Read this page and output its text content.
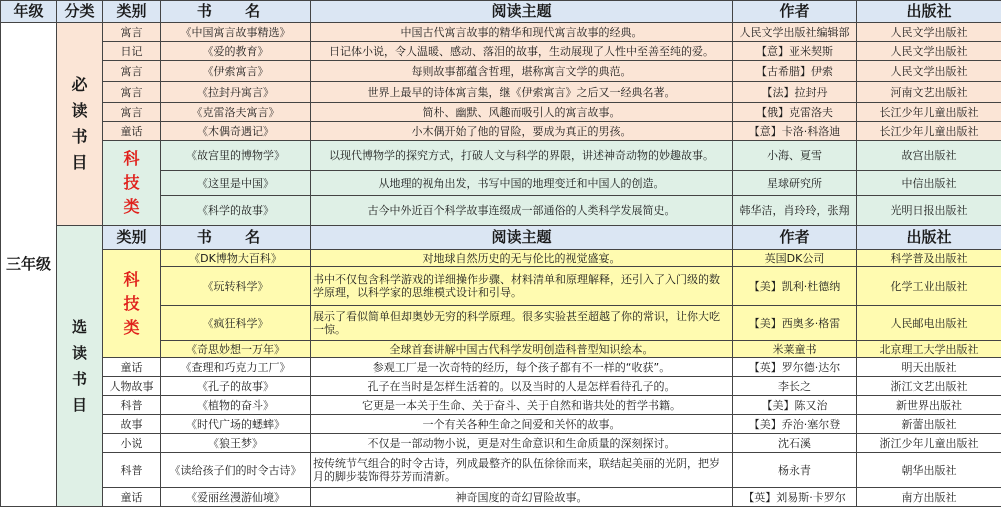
年级	分类	类别	书 名	阅读主题	作者	出版社
三年级	必读书目	寓言	《中国寓言故事精选》	中国古代寓言故事的精华和现代寓言故事的经典。	人民文学出版社编辑部	人民文学出版社
		日记	《爱的教育》	日记体小说，令人温暖、感动、落泪的故事，生动展现了人性中至善至纯的爱。	【意】亚米契斯	人民文学出版社
		寓言	《伊索寓言》	每则故事都蕴含哲理，堪称寓言文学的典范。	【古希腊】伊索	人民文学出版社
		寓言	《拉封丹寓言》	世界上最早的诗体寓言集，继《伊索寓言》之后又一经典名著。	【法】拉封丹	河南文艺出版社
		寓言	《克雷洛夫寓言》	简朴、幽默、风趣而吸引人的寓言故事。	【俄】克雷洛夫	长江少年儿童出版社
		童话	《木偶奇遇记》	小木偶开始了他的冒险，要成为真正的男孩。	【意】卡洛·科洛迪	长江少年儿童出版社

		科技类	《故宫里的博物学》	以现代博物学的探究方式，打破人文与科学的界限，讲述神奇动物的妙趣故事。	小海、夏雪	故宫出版社
			《这里是中国》	从地理的视角出发，书写中国的地理变迁和中国人的创造。	星球研究所	中信出版社
			《科学的故事》	古今中外近百个科学故事连缀成一部通俗的人类科学发展简史。	韩华洁，肖玲玲，张翔	光明日报出版社

	选读书目	类别	书 名	阅读主题	作者	出版社

		科技类	《DK博物大百科》	对地球自然历史的无与伦比的视觉盛宴。	英国DK公司	科学普及出版社
			《玩转科学》	书中不仅包含科学游戏的详细操作步骤、材料清单和原理解释，还引入了入门级的数学原理，以科学家的思维模式设计和引导。	【美】凯利·杜德纳	化学工业出版社
			《疯狂科学》	展示了看似简单但却奥妙无穷的科学原理。很多实验甚至超越了你的常识，让你大吃一惊。	【美】西奥多·格雷	人民邮电出版社
			《奇思妙想一万年》	全球首套讲解中国古代科学发明创造科普型知识绘本。	米莱童书	北京理工大学出版社
		童话	《查理和巧克力工厂》	参观工厂是一次奇特的经历，每个孩子都有不一样的“收获”。	【英】罗尔德·达尔	明天出版社
		人物故事	《孔子的故事》	孔子在当时是怎样生活着的。以及当时的人是怎样看待孔子的。	李长之	浙江文艺出版社
		科普	《植物的奋斗》	它更是一本关于生命、关于奋斗、关于自然和谐共处的哲学书籍。	【美】陈又治	新世界出版社
		故事	《时代广场的蟋蟀》	一个有关各种生命之间爱和关怀的故事。	【美】乔治·塞尔登	新蕾出版社
		小说	《狼王梦》	不仅是一部动物小说，更是对生命意识和生命质量的深刻探讨。	沈石溪	浙江少年儿童出版社
		科普	《读给孩子们的时令古诗》	按传统节气组合的时令古诗，列成最整齐的队伍徐徐而来，联结起美丽的光阴，把岁月的脚步装饰得芬芳而清新。	杨永青	朝华出版社
		童话	《爱丽丝漫游仙境》	神奇国度的奇幻冒险故事。	【英】刘易斯·卡罗尔	南方出版社
